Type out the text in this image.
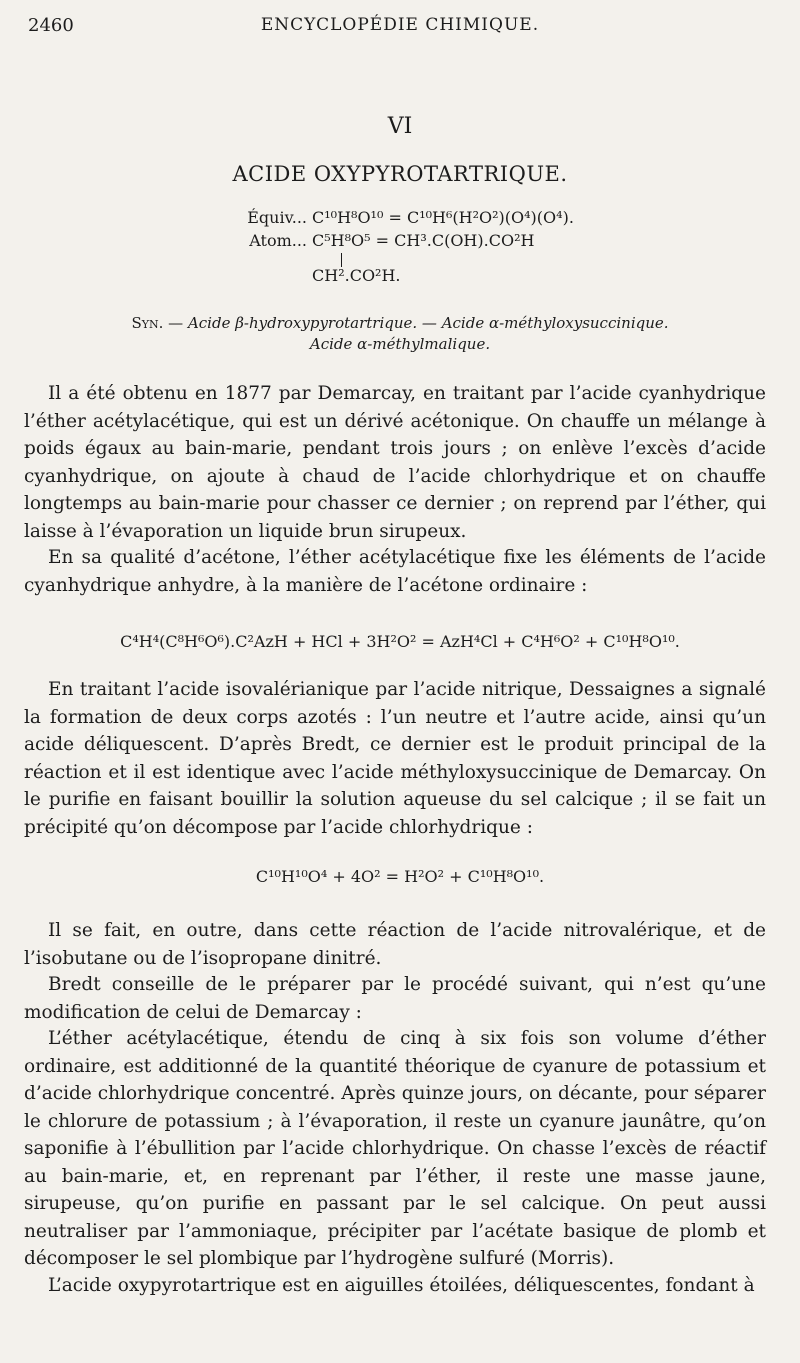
2460	ENCYCLOPÉDIE CHIMIQUE.
VI
ACIDE OXYPYROTARTRIQUE.
Équiv... C¹⁰H⁸O¹⁰ = C¹⁰H⁶(H²O²)(O⁴)(O⁴).
Atom... C⁵H⁸O⁵ = CH³.C(OH).CO²H
CH².CO²H.
Syn. — Acide β-hydroxypyrotartrique. — Acide α-méthyloxysuccinique.
Acide α-méthylmalique.

Il a été obtenu en 1877 par Demarcay, en traitant par l’acide cyanhydrique l’éther acétylacétique, qui est un dérivé acétonique. On chauffe un mélange à poids égaux au bain-marie, pendant trois jours ; on enlève l’excès d’acide cyanhydrique, on ajoute à chaud de l’acide chlorhydrique et on chauffe longtemps au bain-marie pour chasser ce dernier ; on reprend par l’éther, qui laisse à l’évaporation un liquide brun sirupeux.

En sa qualité d’acétone, l’éther acétylacétique fixe les éléments de l’acide cyanhydrique anhydre, à la manière de l’acétone ordinaire :

C⁴H⁴(C⁸H⁶O⁶).C²AzH + HCl + 3H²O² = AzH⁴Cl + C⁴H⁶O² + C¹⁰H⁸O¹⁰.

En traitant l’acide isovalérianique par l’acide nitrique, Dessaignes a signalé la formation de deux corps azotés : l’un neutre et l’autre acide, ainsi qu’un acide déliquescent. D’après Bredt, ce dernier est le produit principal de la réaction et il est identique avec l’acide méthyloxysuccinique de Demarcay. On le purifie en faisant bouillir la solution aqueuse du sel calcique ; il se fait un précipité qu’on décompose par l’acide chlorhydrique :

C¹⁰H¹⁰O⁴ + 4O² = H²O² + C¹⁰H⁸O¹⁰.

Il se fait, en outre, dans cette réaction de l’acide nitrovalérique, et de l’isobutane ou de l’isopropane dinitré.

Bredt conseille de le préparer par le procédé suivant, qui n’est qu’une modification de celui de Demarcay :

L’éther acétylacétique, étendu de cinq à six fois son volume d’éther ordinaire, est additionné de la quantité théorique de cyanure de potassium et d’acide chlorhydrique concentré. Après quinze jours, on décante, pour séparer le chlorure de potassium ; à l’évaporation, il reste un cyanure jaunâtre, qu’on saponifie à l’ébullition par l’acide chlorhydrique. On chasse l’excès de réactif au bain-marie, et, en reprenant par l’éther, il reste une masse jaune, sirupeuse, qu’on purifie en passant par le sel calcique. On peut aussi neutraliser par l’ammoniaque, précipiter par l’acétate basique de plomb et décomposer le sel plombique par l’hydrogène sulfuré (Morris).

L’acide oxypyrotartrique est en aiguilles étoilées, déliquescentes, fondant à
